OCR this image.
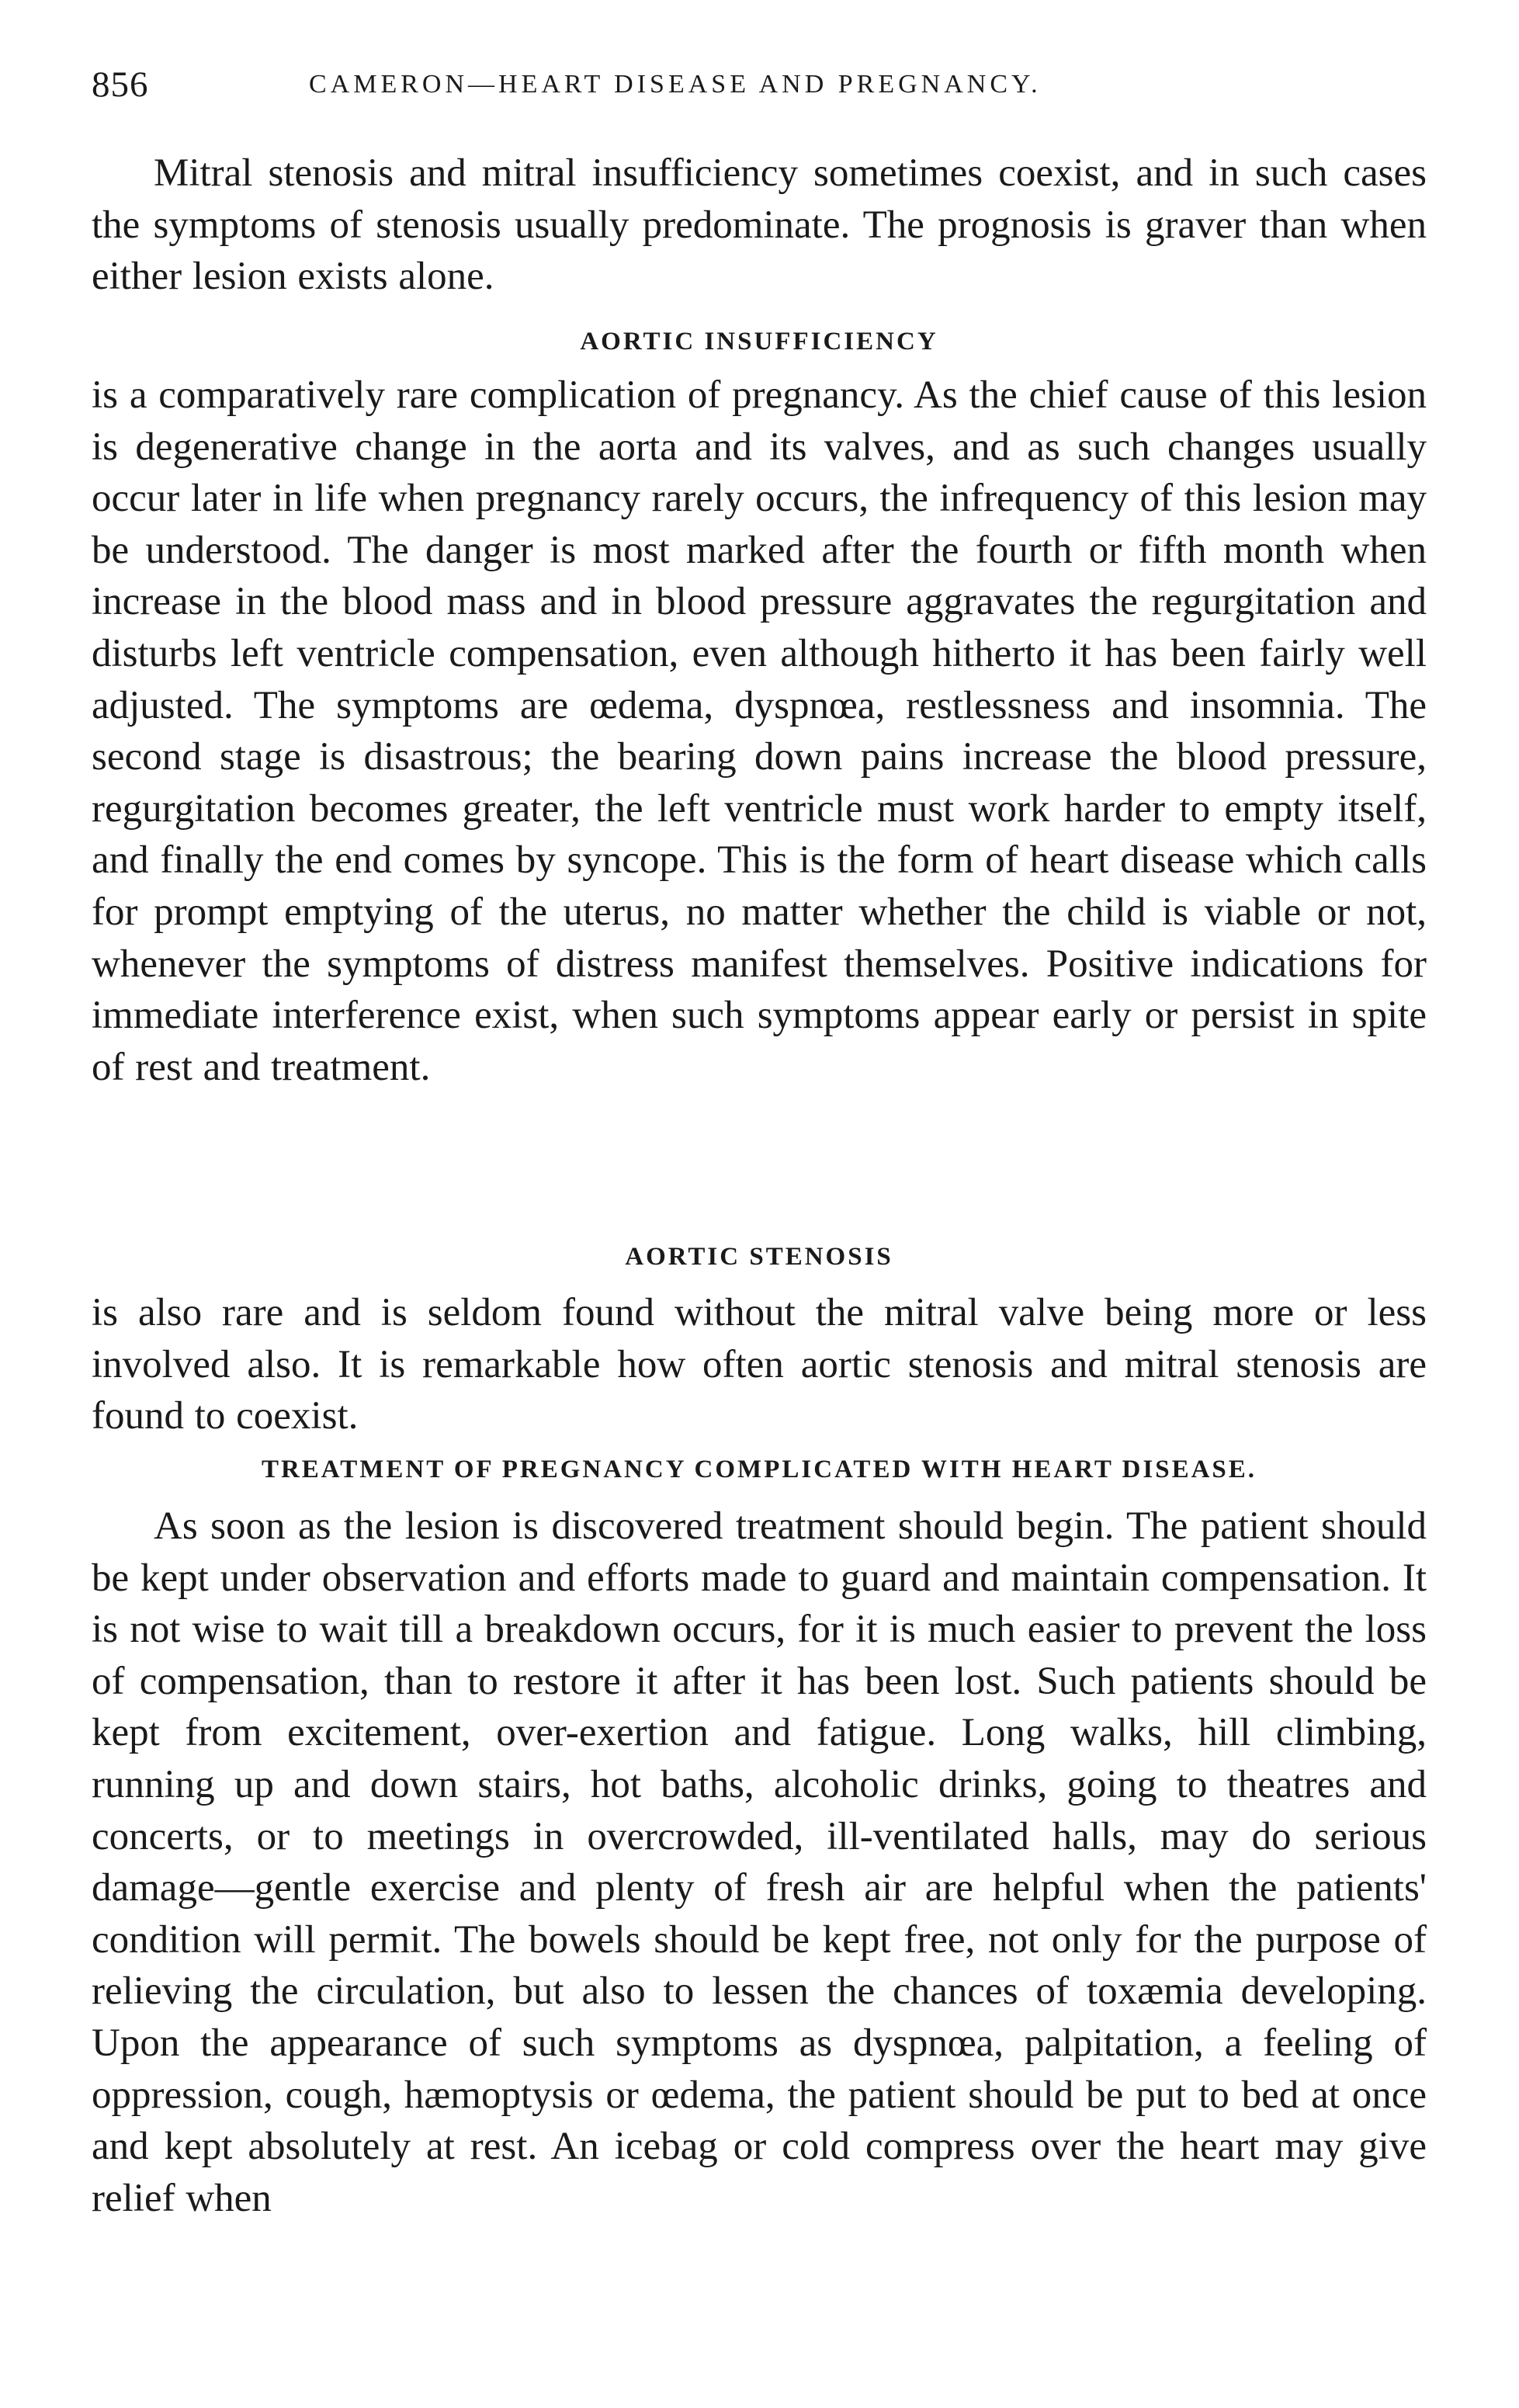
856	CAMERON—HEART DISEASE AND PREGNANCY.

Mitral stenosis and mitral insufficiency sometimes coexist, and in such cases the symptoms of stenosis usually predominate. The prognosis is graver than when either lesion exists alone.

AORTIC INSUFFICIENCY

is a comparatively rare complication of pregnancy. As the chief cause of this lesion is degenerative change in the aorta and its valves, and as such changes usually occur later in life when pregnancy rarely occurs, the infrequency of this lesion may be understood. The danger is most marked after the fourth or fifth month when increase in the blood mass and in blood pressure aggravates the regurgitation and disturbs left ventricle compensation, even although hitherto it has been fairly well adjusted. The symptoms are œdema, dyspnœa, restlessness and insomnia. The second stage is disastrous; the bearing down pains increase the blood pressure, regurgitation becomes greater, the left ventricle must work harder to empty itself, and finally the end comes by syncope. This is the form of heart disease which calls for prompt emptying of the uterus, no matter whether the child is viable or not, whenever the symptoms of distress manifest themselves. Positive indications for immediate interference exist, when such symptoms appear early or persist in spite of rest and treatment.

AORTIC STENOSIS

is also rare and is seldom found without the mitral valve being more or less involved also. It is remarkable how often aortic stenosis and mitral stenosis are found to coexist.

TREATMENT OF PREGNANCY COMPLICATED WITH HEART DISEASE.

As soon as the lesion is discovered treatment should begin. The patient should be kept under observation and efforts made to guard and maintain compensation. It is not wise to wait till a breakdown occurs, for it is much easier to prevent the loss of compensation, than to restore it after it has been lost. Such patients should be kept from excitement, over-exertion and fatigue. Long walks, hill climbing, running up and down stairs, hot baths, alcoholic drinks, going to theatres and concerts, or to meetings in overcrowded, ill-ventilated halls, may do serious damage—gentle exercise and plenty of fresh air are helpful when the patients' condition will permit. The bowels should be kept free, not only for the purpose of relieving the circulation, but also to lessen the chances of toxæmia developing. Upon the appearance of such symptoms as dyspnœa, palpitation, a feeling of oppression, cough, hæmoptysis or œdema, the patient should be put to bed at once and kept absolutely at rest. An icebag or cold compress over the heart may give relief when
